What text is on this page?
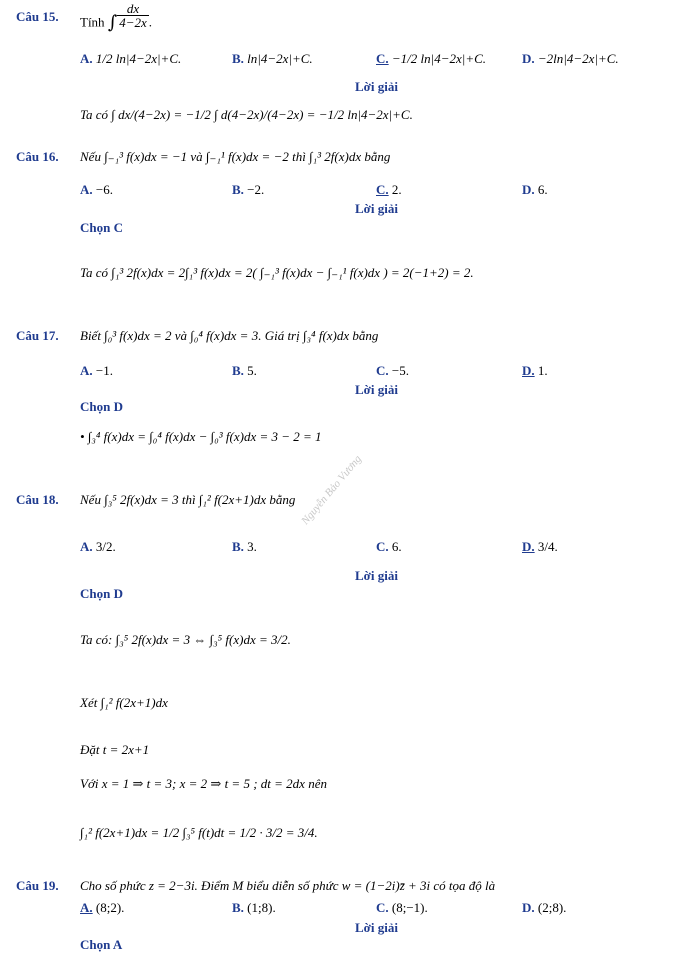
Nguyễn Bảo Vương
Câu 15. Tính ∫ $\frac{dx}{4-2x}$ .
A. 1/2 ln|4−2x|+C.	B. ln|4−2x|+C.	C. −1/2 ln|4−2x|+C.	D. −2ln|4−2x|+C.
Lời giải
Ta có ∫ dx/(4−2x) = −1/2 ∫ d(4−2x)/(4−2x) = −1/2 ln|4−2x|+C.
Câu 16. Nếu ∫₋₁³ f(x)dx = −1 và ∫₋₁¹ f(x)dx = −2 thì ∫₁³ 2f(x)dx bằng
A. −6.	B. −2.	C. 2.	D. 6.
Lời giải
Chọn C
Ta có ∫₁³ 2f(x)dx = 2∫₁³ f(x)dx = 2( ∫₋₁³ f(x)dx − ∫₋₁¹ f(x)dx ) = 2(−1+2) = 2.
Câu 17. Biết ∫₀³ f(x)dx = 2 và ∫₀⁴ f(x)dx = 3. Giá trị ∫₃⁴ f(x)dx bằng
A. −1.	B. 5.	C. −5.	D. 1.
Lời giải
Chọn D
• ∫₃⁴ f(x)dx = ∫₀⁴ f(x)dx − ∫₀³ f(x)dx = 3 − 2 = 1
Câu 18. Nếu ∫₃⁵ 2f(x)dx = 3 thì ∫₁² f(2x+1)dx bằng
A. 3/2.	B. 3.	C. 6.	D. 3/4.
Lời giải
Chọn D
Ta có: ∫₃⁵ 2f(x)dx = 3 ⇔ ∫₃⁵ f(x)dx = 3/2.
Xét ∫₁² f(2x+1)dx
Đặt t = 2x+1
Với x = 1 ⇒ t = 3; x = 2 ⇒ t = 5 ; dt = 2dx nên
∫₁² f(2x+1)dx = 1/2 ∫₃⁵ f(t)dt = 1/2 · 3/2 = 3/4.
Câu 19. Cho số phức z = 2−3i. Điểm M biểu diễn số phức w = (1−2i)z̄ + 3i có tọa độ là
A. (8;2).	B. (1;8).	C. (8;−1).	D. (2;8).
Lời giải
Chọn A
